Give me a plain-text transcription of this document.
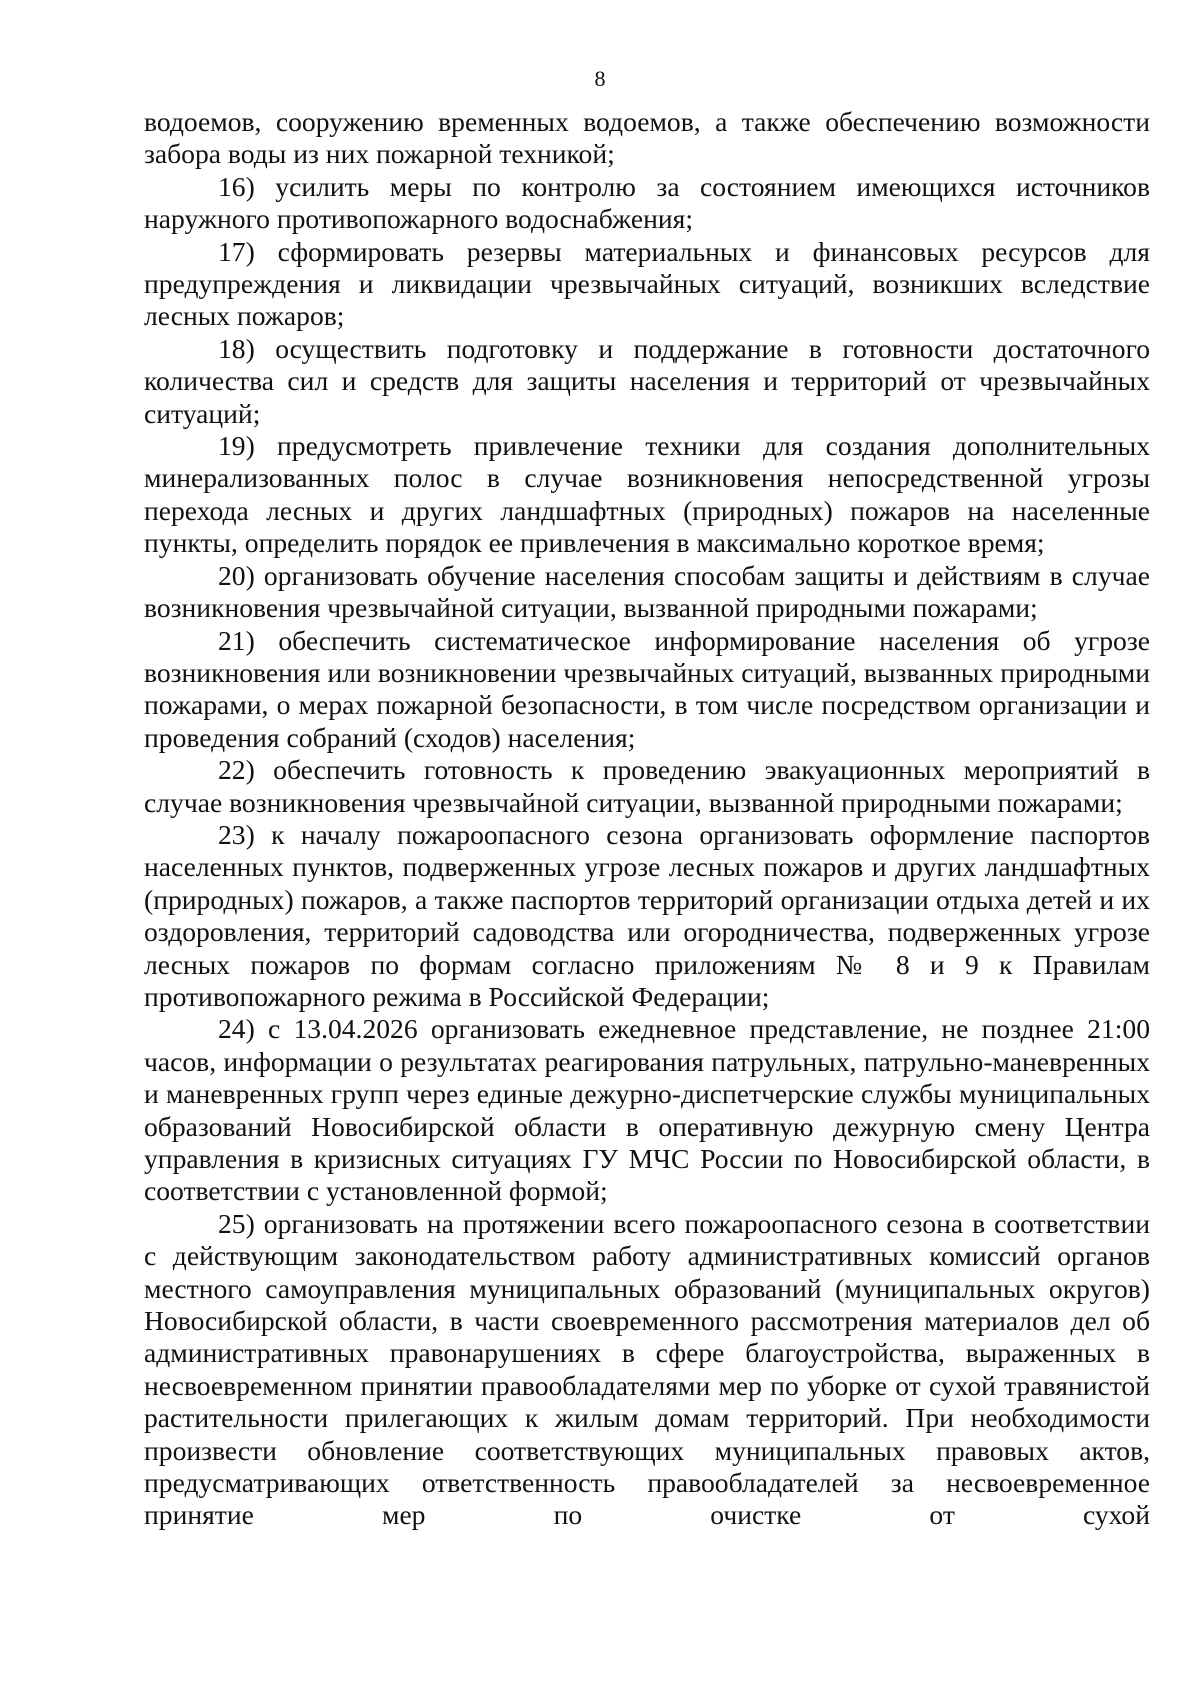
8

водоемов, сооружению временных водоемов, а также обеспечению возможности забора воды из них пожарной техникой;

16) усилить меры по контролю за состоянием имеющихся источников наружного противопожарного водоснабжения;

17) сформировать резервы материальных и финансовых ресурсов для предупреждения и ликвидации чрезвычайных ситуаций, возникших вследствие лесных пожаров;

18) осуществить подготовку и поддержание в готовности достаточного количества сил и средств для защиты населения и территорий от чрезвычайных ситуаций;

19) предусмотреть привлечение техники для создания дополнительных минерализованных полос в случае возникновения непосредственной угрозы перехода лесных и других ландшафтных (природных) пожаров на населенные пункты, определить порядок ее привлечения в максимально короткое время;

20) организовать обучение населения способам защиты и действиям в случае возникновения чрезвычайной ситуации, вызванной природными пожарами;

21) обеспечить систематическое информирование населения об угрозе возникновения или возникновении чрезвычайных ситуаций, вызванных природными пожарами, о мерах пожарной безопасности, в том числе посредством организации и проведения собраний (сходов) населения;

22) обеспечить готовность к проведению эвакуационных мероприятий в случае возникновения чрезвычайной ситуации, вызванной природными пожарами;

23) к началу пожароопасного сезона организовать оформление паспортов населенных пунктов, подверженных угрозе лесных пожаров и других ландшафтных (природных) пожаров, а также паспортов территорий организации отдыха детей и их оздоровления, территорий садоводства или огородничества, подверженных угрозе лесных пожаров по формам согласно приложениям № 8 и 9 к Правилам противопожарного режима в Российской Федерации;

24) с 13.04.2026 организовать ежедневное представление, не позднее 21:00 часов, информации о результатах реагирования патрульных, патрульно-маневренных и маневренных групп через единые дежурно-диспетчерские службы муниципальных образований Новосибирской области в оперативную дежурную смену Центра управления в кризисных ситуациях ГУ МЧС России по Новосибирской области, в соответствии с установленной формой;

25) организовать на протяжении всего пожароопасного сезона в соответствии с действующим законодательством работу административных комиссий органов местного самоуправления муниципальных образований (муниципальных округов) Новосибирской области, в части своевременного рассмотрения материалов дел об административных правонарушениях в сфере благоустройства, выраженных в несвоевременном принятии правообладателями мер по уборке от сухой травянистой растительности прилегающих к жилым домам территорий. При необходимости произвести обновление соответствующих муниципальных правовых актов, предусматривающих ответственность правообладателей за несвоевременное принятие мер по очистке от сухой
